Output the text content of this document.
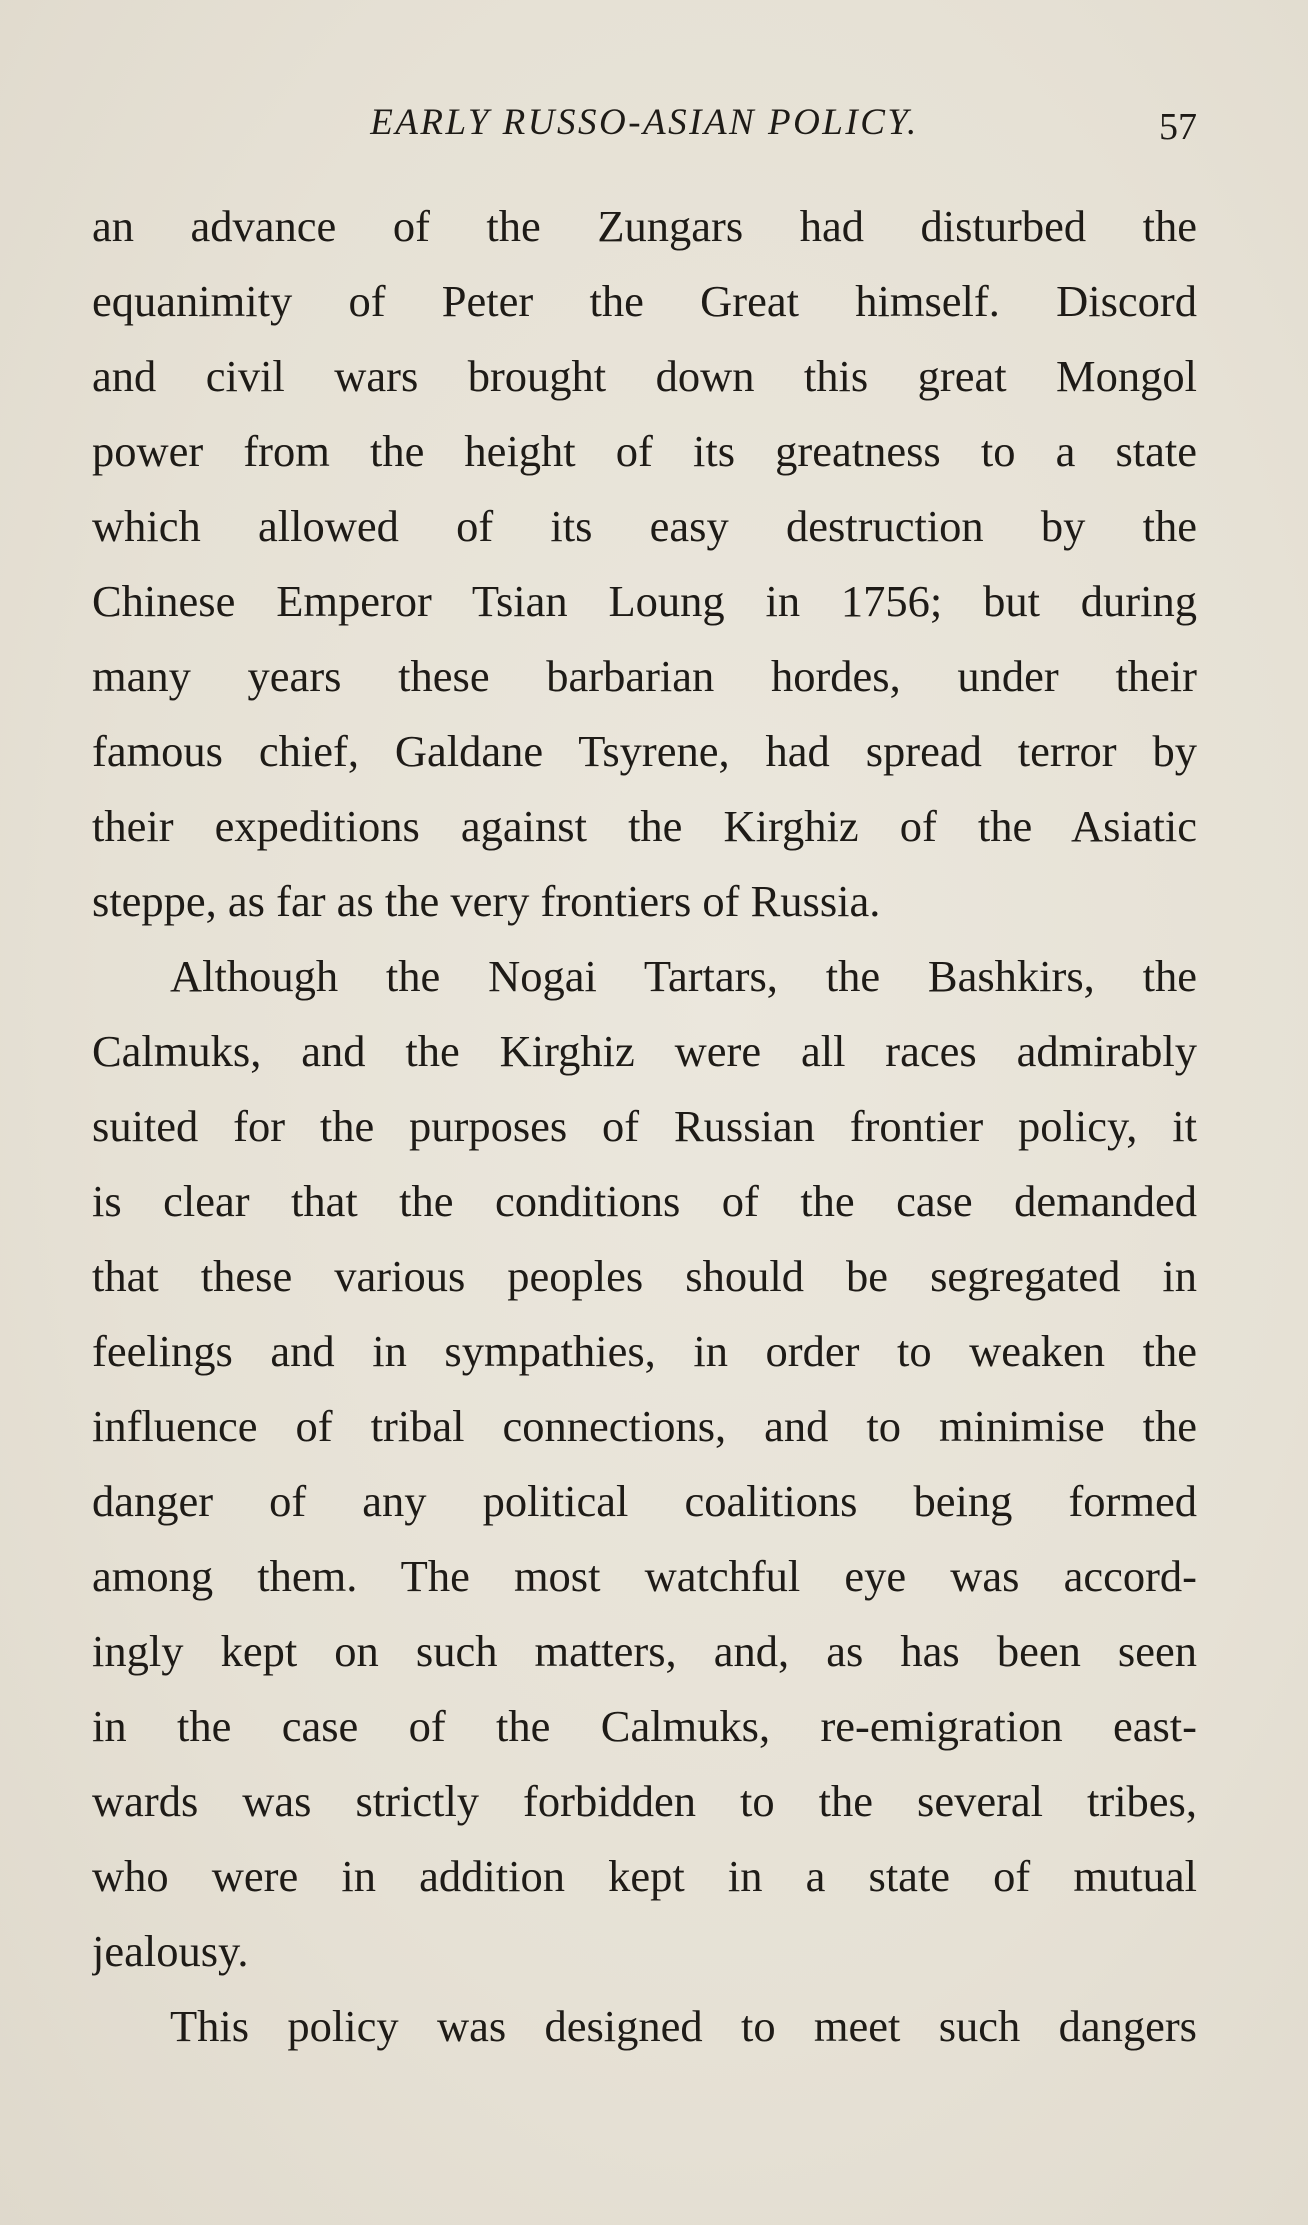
EARLY RUSSO-ASIAN POLICY.	57
an advance of the Zungars had disturbed the
equanimity of Peter the Great himself. Discord
and civil wars brought down this great Mongol
power from the height of its greatness to a state
which allowed of its easy destruction by the
Chinese Emperor Tsian Loung in 1756; but during
many years these barbarian hordes, under their
famous chief, Galdane Tsyrene, had spread terror by
their expeditions against the Kirghiz of the Asiatic
steppe, as far as the very frontiers of Russia.
Although the Nogai Tartars, the Bashkirs, the
Calmuks, and the Kirghiz were all races admirably
suited for the purposes of Russian frontier policy, it
is clear that the conditions of the case demanded
that these various peoples should be segregated in
feelings and in sympathies, in order to weaken the
influence of tribal connections, and to minimise the
danger of any political coalitions being formed
among them. The most watchful eye was accord-
ingly kept on such matters, and, as has been seen
in the case of the Calmuks, re-emigration east-
wards was strictly forbidden to the several tribes,
who were in addition kept in a state of mutual
jealousy.
This policy was designed to meet such dangers
